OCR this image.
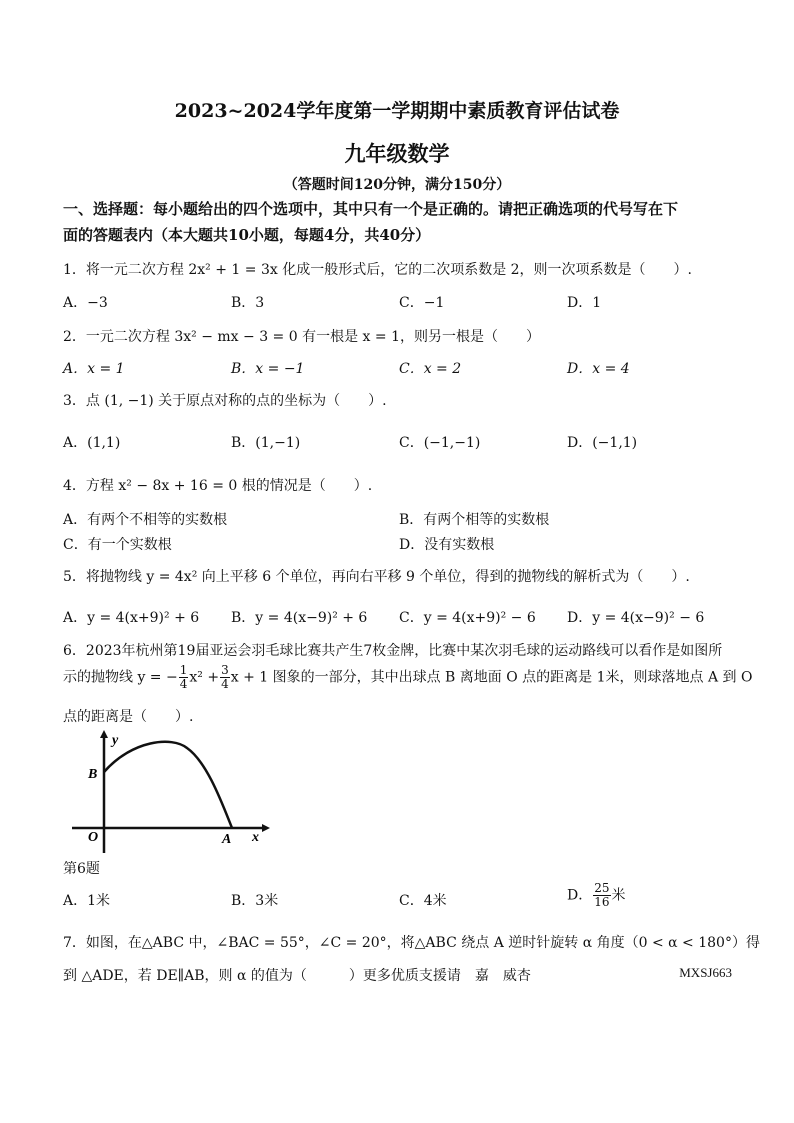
2023~2024学年度第一学期期中素质教育评估试卷
九年级数学
（答题时间120分钟，满分150分）
一、选择题：每小题给出的四个选项中，其中只有一个是正确的。请把正确选项的代号写在下
面的答题表内（本大题共10小题，每题4分，共40分）
1．将一元二次方程 2x² + 1 = 3x 化成一般形式后，它的二次项系数是 2，则一次项系数是（　　）.
A．−3	B．3	C．−1	D．1
2．一元二次方程 3x² − mx − 3 = 0 有一根是 x = 1，则另一根是（　　）
A．x = 1	B．x = −1	C．x = 2	D．x = 4
3．点 (1, −1) 关于原点对称的点的坐标为（　　）.
A．(1,1)	B．(1,−1)	C．(−1,−1)	D．(−1,1)
4．方程 x² − 8x + 16 = 0 根的情况是（　　）.
A．有两个不相等的实数根	B．有两个相等的实数根
C．有一个实数根	D．没有实数根
5．将抛物线 y = 4x² 向上平移 6 个单位，再向右平移 9 个单位，得到的抛物线的解析式为（　　）.
A．y = 4(x+9)² + 6 B．y = 4(x−9)² + 6 C．y = 4(x+9)² − 6 D．y = 4(x−9)² − 6
6．2023年杭州第19届亚运会羽毛球比赛共产生7枚金牌，比赛中某次羽毛球的运动路线可以看作是如图所
示的抛物线 y = − $\frac{1}{4} x^2 + \frac{3}{4}$ x + 1 图象的一部分，其中出球点 B 离地面 O 点的距离是 1米，则球落地点 A 到 O
点的距离是（　　）.
y
B
O	A x
第6题
A．1米	B．3米	C．4米	D． $\frac{25}{16}$ 米
7．如图，在△ABC 中，∠BAC = 55°，∠C = 20°，将△ABC 绕点 A 逆时针旋转 α 角度（0 < α < 180°）得
到 △ADE，若 DE∥AB，则 α 的值为（　　　）更多优质支援请　嘉　威杏	MXSJ663
